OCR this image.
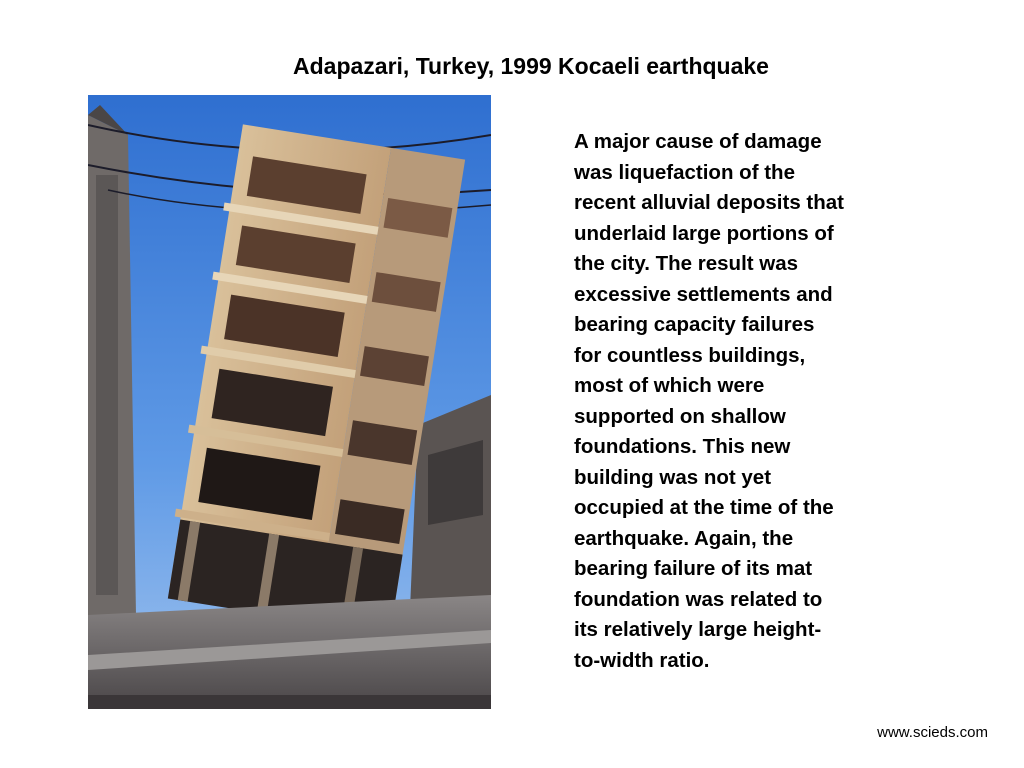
Adapazari, Turkey, 1999 Kocaeli earthquake

A major cause of damage
was liquefaction of the
recent alluvial deposits that
underlaid large portions of
the city. The result was
excessive settlements and
bearing capacity failures
for countless buildings,
most of which were
supported on shallow
foundations. This new
building was not yet
occupied at the time of the
earthquake. Again, the
bearing failure of its mat
foundation was related to
its relatively large height-
to-width ratio.

www.scieds.com
